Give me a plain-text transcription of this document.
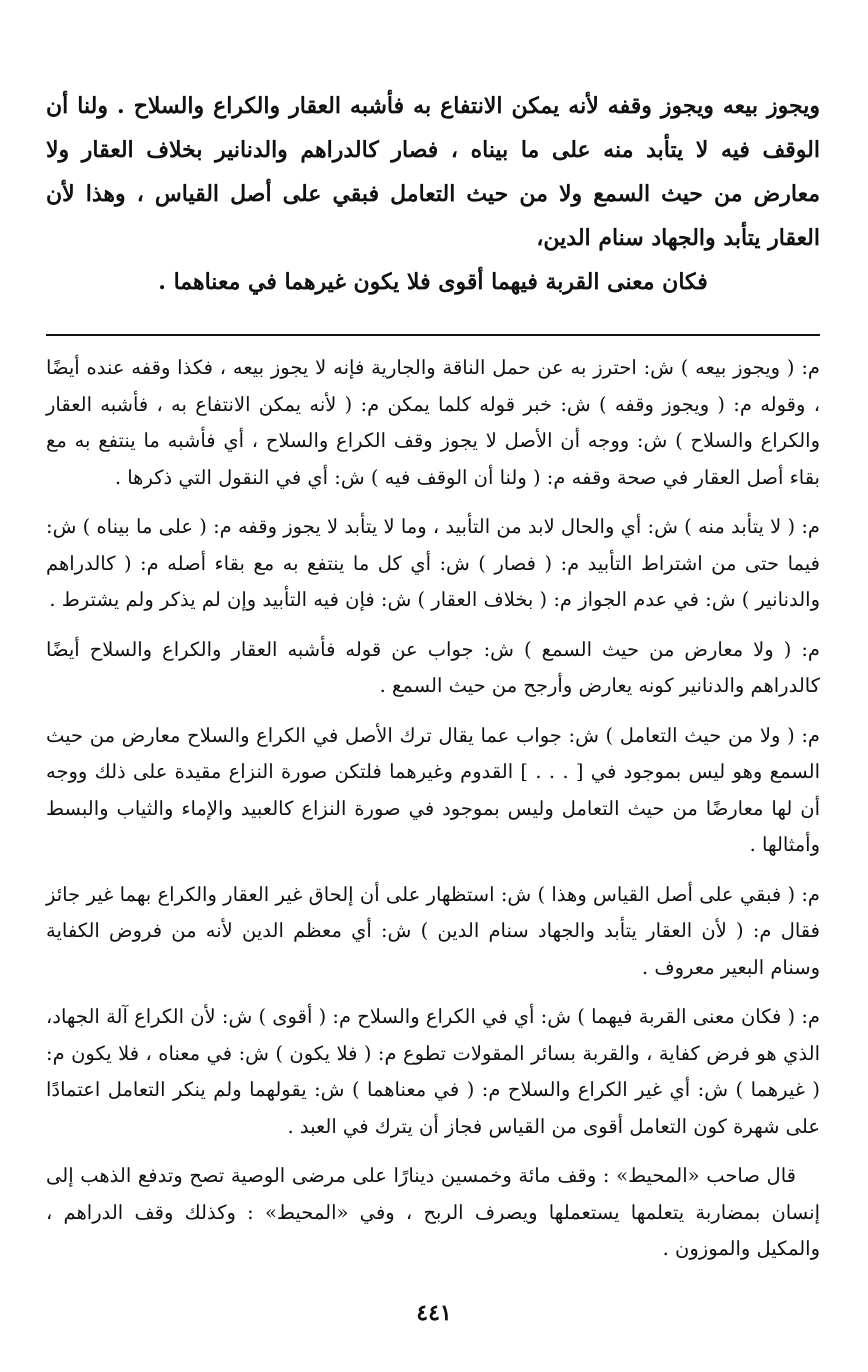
ويجوز بيعه ويجوز وقفه لأنه يمكن الانتفاع به فأشبه العقار والكراع والسلاح . ولنا أن الوقف فيه لا يتأبد منه على ما بيناه ، فصار كالدراهم والدنانير بخلاف العقار ولا معارض من حيث السمع ولا من حيث التعامل فبقي على أصل القياس ، وهذا لأن العقار يتأبد والجهاد سنام الدين،
فكان معنى القربة فيهما أقوى فلا يكون غيرهما في معناهما .

م: ( ويجوز بيعه ) ش: احترز به عن حمل الناقة والجارية فإنه لا يجوز بيعه ، فكذا وقفه عنده أيضًا ، وقوله م: ( ويجوز وقفه ) ش: خبر قوله كلما يمكن م: ( لأنه يمكن الانتفاع به ، فأشبه العقار والكراع والسلاح ) ش: ووجه أن الأصل لا يجوز وقف الكراع والسلاح ، أي فأشبه ما ينتفع به مع بقاء أصل العقار في صحة وقفه م: ( ولنا أن الوقف فيه ) ش: أي في النقول التي ذكرها .

م: ( لا يتأبد منه ) ش: أي والحال لابد من التأبيد ، وما لا يتأبد لا يجوز وقفه م: ( على ما بيناه ) ش: فيما حتى من اشتراط التأبيد م: ( فصار ) ش: أي كل ما ينتفع به مع بقاء أصله م: ( كالدراهم والدنانير ) ش: في عدم الجواز م: ( بخلاف العقار ) ش: فإن فيه التأبيد وإن لم يذكر ولم يشترط .

م: ( ولا معارض من حيث السمع ) ش: جواب عن قوله فأشبه العقار والكراع والسلاح أيضًا كالدراهم والدنانير كونه يعارض وأرجح من حيث السمع .

م: ( ولا من حيث التعامل ) ش: جواب عما يقال ترك الأصل في الكراع والسلاح معارض من حيث السمع وهو ليس بموجود في [ . . . ] القدوم وغيرهما فلتكن صورة النزاع مقيدة على ذلك ووجه أن لها معارضًا من حيث التعامل وليس بموجود في صورة النزاع كالعبيد والإماء والثياب والبسط وأمثالها .

م: ( فبقي على أصل القياس وهذا ) ش: استظهار على أن إلحاق غير العقار والكراع بهما غير جائز فقال م: ( لأن العقار يتأبد والجهاد سنام الدين ) ش: أي معظم الدين لأنه من فروض الكفاية وسنام البعير معروف .

م: ( فكان معنى القربة فيهما ) ش: أي في الكراع والسلاح م: ( أقوى ) ش: لأن الكراع آلة الجهاد، الذي هو فرض كفاية ، والقربة بسائر المقولات تطوع م: ( فلا يكون ) ش: في معناه ، فلا يكون م: ( غيرهما ) ش: أي غير الكراع والسلاح م: ( في معناهما ) ش: يقولهما ولم ينكر التعامل اعتمادًا على شهرة كون التعامل أقوى من القياس فجاز أن يترك في العبد .

قال صاحب «المحيط» : وقف مائة وخمسين دينارًا على مرضى الوصية تصح وتدفع الذهب إلى إنسان بمضاربة يتعلمها يستعملها ويصرف الربح ، وفي «المحيط» : وكذلك وقف الدراهم ، والمكيل والموزون .

٤٤١
